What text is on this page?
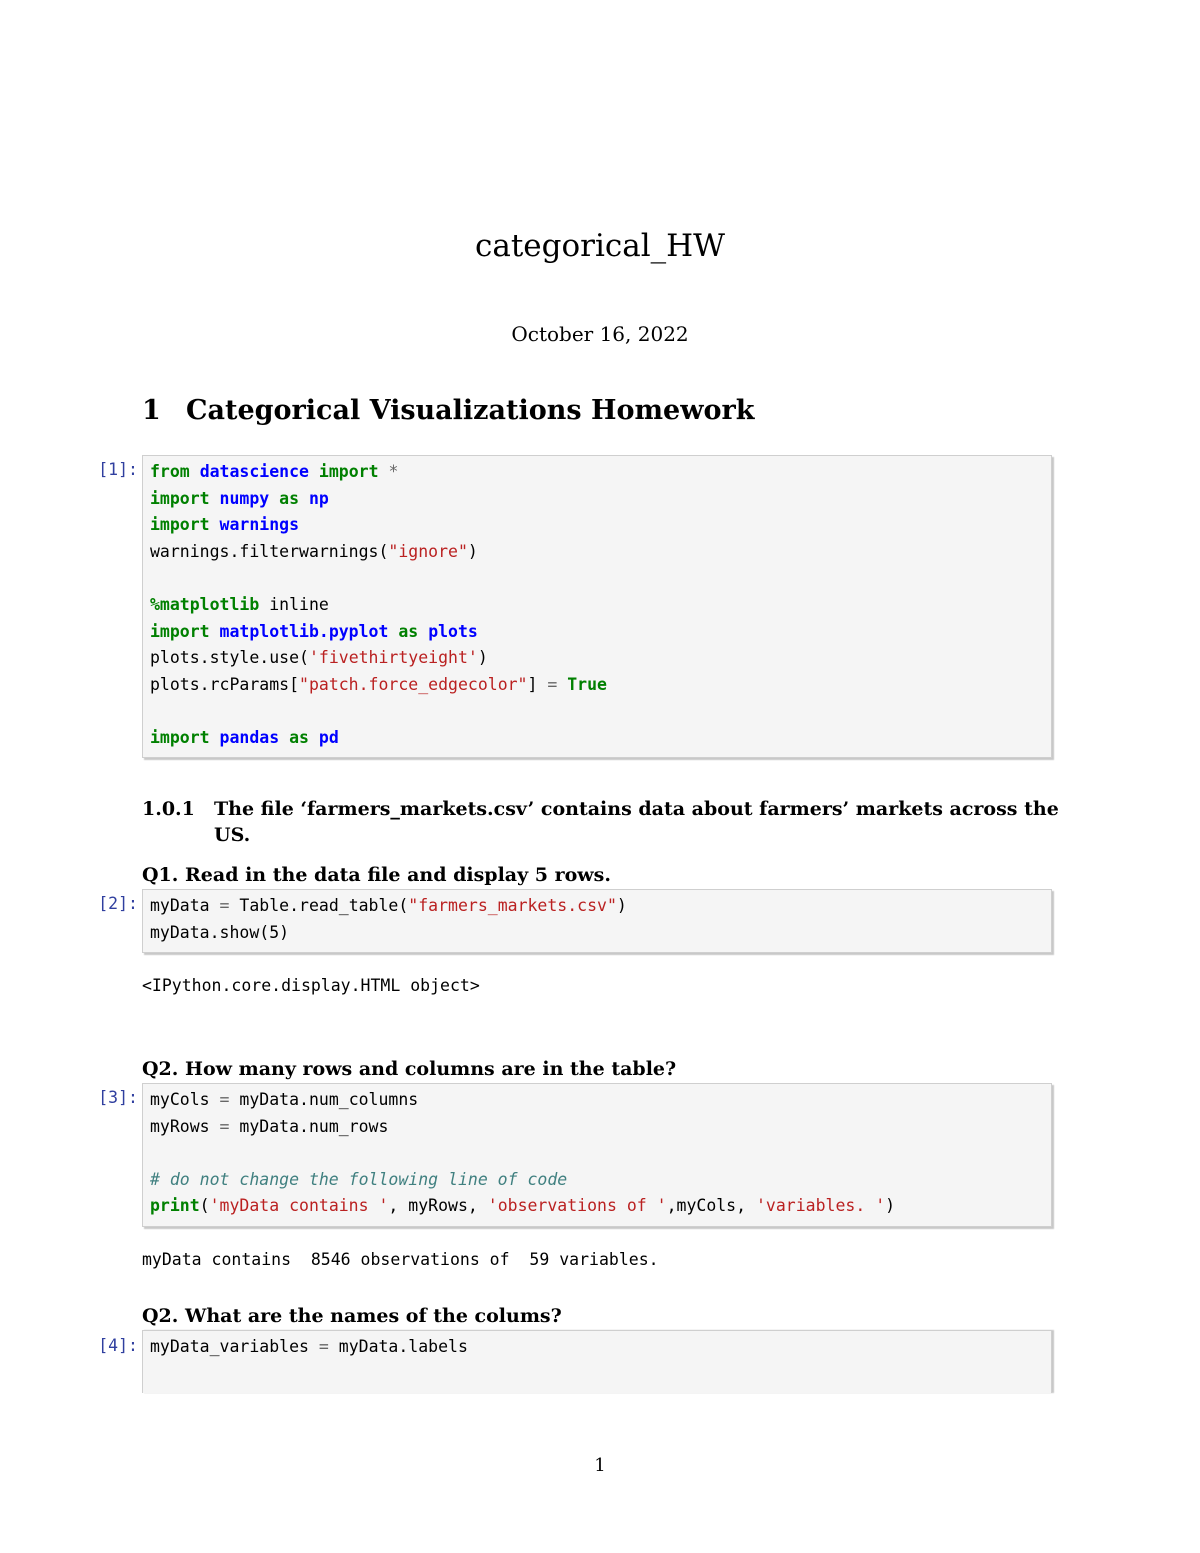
categorical_HW
October 16, 2022
1 Categorical Visualizations Homework
[1]: from datascience import *
import numpy as np
import warnings
warnings.filterwarnings("ignore")
%matplotlib inline
import matplotlib.pyplot as plots
plots.style.use('fivethirtyeight')
plots.rcParams["patch.force_edgecolor"] = True
import pandas as pd
1.0.1 The file ‘farmers_markets.csv’ contains data about farmers’ markets across the US.
Q1. Read in the data file and display 5 rows.
[2]: myData = Table.read_table("farmers_markets.csv")
myData.show(5)
<IPython.core.display.HTML object>
Q2. How many rows and columns are in the table?
[3]: myCols = myData.num_columns
myRows = myData.num_rows
# do not change the following line of code
print('myData contains ', myRows, 'observations of ',myCols, 'variables. ')
myData contains  8546 observations of  59 variables.
Q2. What are the names of the colums?
[4]: myData_variables = myData.labels
1
